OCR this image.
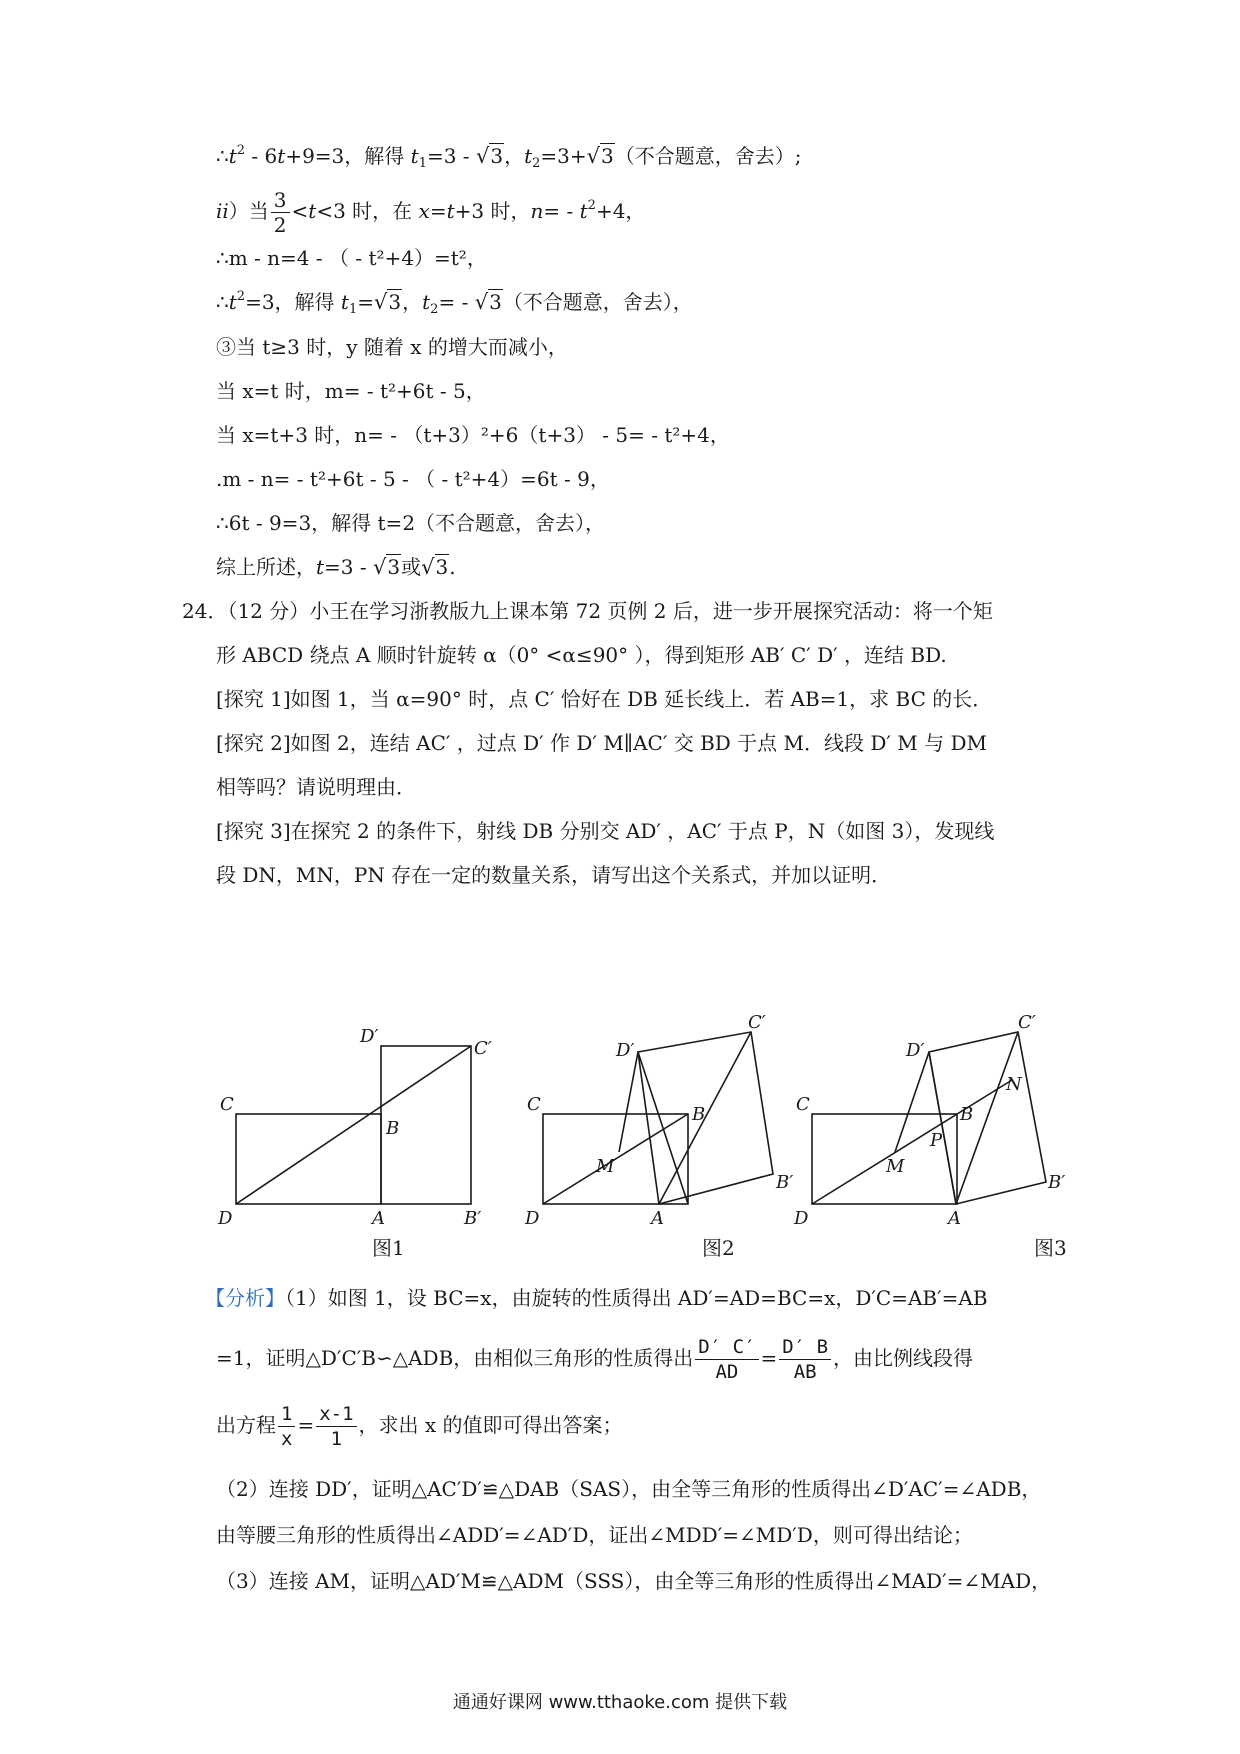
$\therefore t^2 - 6t+9=3$，解得 $t_1=3 - √3$，$t_2=3+√3$（不合题意，舍去）;
ii）当 $\frac{3}{2} <t<3$ 时，在 x=t+3 时，$n= - t^2+4$，
∴m - n=4 - （ - t²+4）=t²，
$\therefore t^2=3$，解得 $t_1=√3$，$t_2= - √3$（不合题意，舍去），
③当 t≥3 时，y 随着 x 的增大而减小，
当 x=t 时，m= - t²+6t - 5，
当 x=t+3 时，n= - （t+3）²+6（t+3） - 5= - t²+4，
.m - n= - t²+6t - 5 - （ - t²+4）=6t - 9，
∴6t - 9=3，解得 t=2（不合题意，舍去），
综上所述，t=3 - √3或√3.
24．（12 分）小王在学习浙教版九上课本第 72 页例 2 后，进一步开展探究活动：将一个矩
形 ABCD 绕点 A 顺时针旋转 α（0° <α≤90° ），得到矩形 AB′ C′ D′ ，连结 BD.
[探究 1]如图 1，当 α=90° 时，点 C′ 恰好在 DB 延长线上．若 AB=1，求 BC 的长．
[探究 2]如图 2，连结 AC′ ，过点 D′ 作 D′ M∥AC′ 交 BD 于点 M．线段 D′ M 与 DM
相等吗？请说明理由．
[探究 3]在探究 2 的条件下，射线 DB 分别交 AD′ ，AC′ 于点 P，N（如图 3），发现线
段 DN，MN，PN 存在一定的数量关系，请写出这个关系式，并加以证明．
C
D	A
B
D′
C′
B′
C
D	A
B
D′
C′
B′
M
C
D	A
B
D′
C′
B′
M
P
N
图1	图2	图3
【分析】（1）如图 1，设 BC=x，由旋转的性质得出 AD′=AD=BC=x，D′C=AB′=AB
=1，证明△D′C′B∽△ADB，由相似三角形的性质得出 $\frac{D' C'}{AD} = \frac{D' B}{AB}$ ，由比例线段得
出方程 $\frac{1}{x} = \frac{x-1}{1}$ ，求出 x 的值即可得出答案；
（2）连接 DD′，证明△AC′D′≌△DAB（SAS），由全等三角形的性质得出∠D′AC′=∠ADB，
由等腰三角形的性质得出∠ADD′=∠AD′D，证出∠MDD′=∠MD′D，则可得出结论；
（3）连接 AM，证明△AD′M≌△ADM（SSS），由全等三角形的性质得出∠MAD′=∠MAD，
通通好课网 www.tthaoke.com 提供下载
